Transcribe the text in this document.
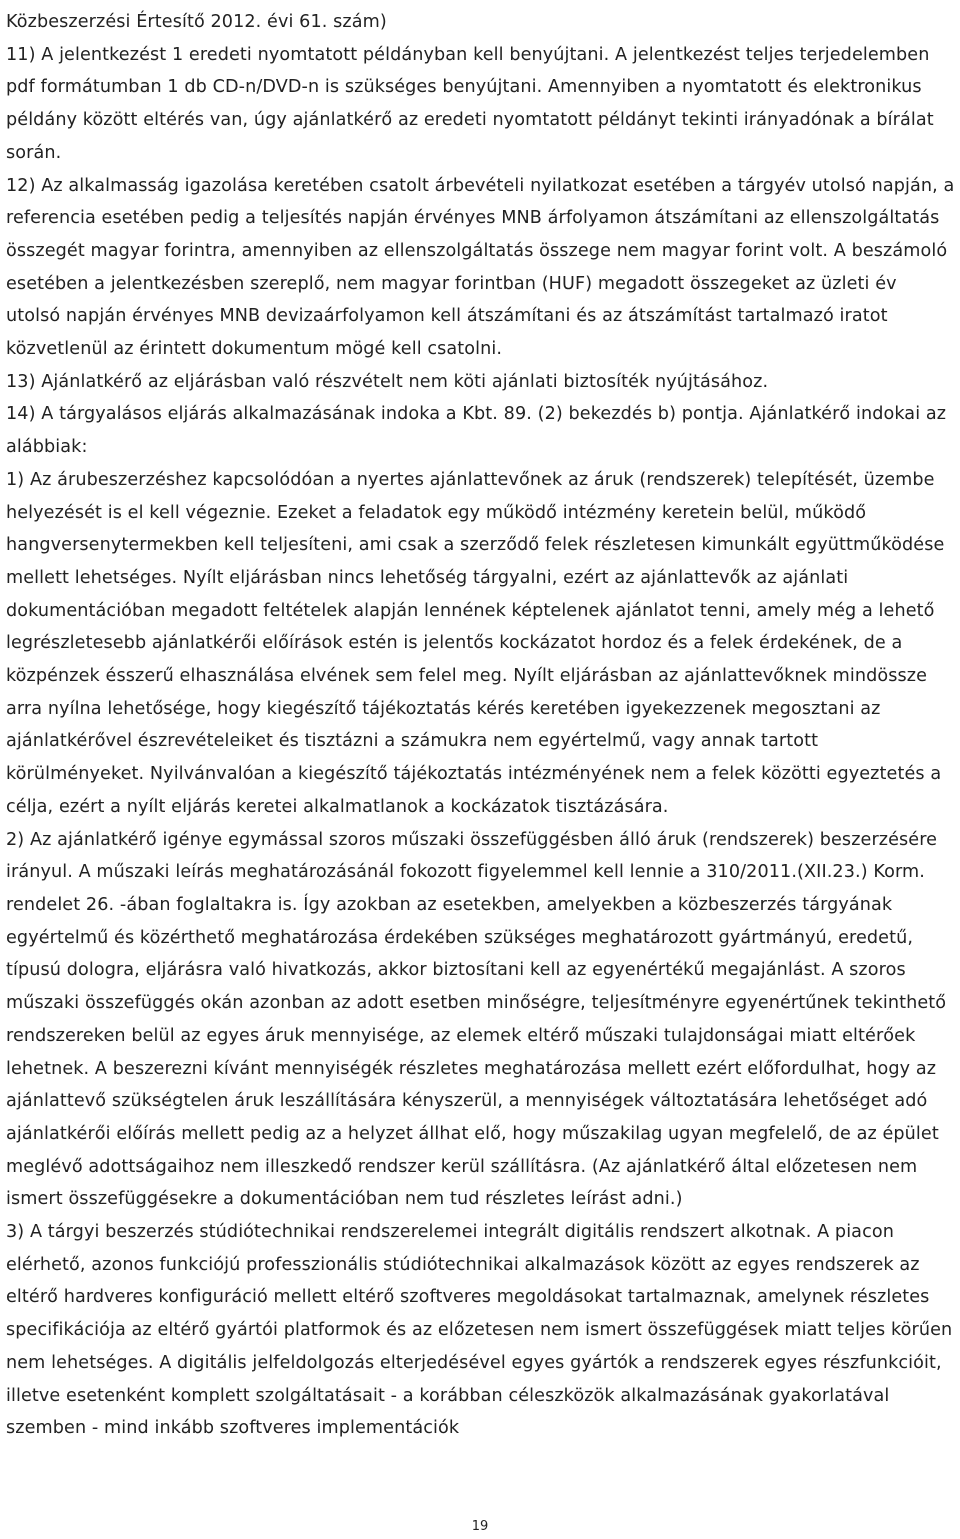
Közbeszerzési Értesítő 2012. évi 61. szám)

11) A jelentkezést 1 eredeti nyomtatott példányban kell benyújtani. A jelentkezést teljes terjedelemben pdf formátumban 1 db CD-n/DVD-n is szükséges benyújtani. Amennyiben a nyomtatott és elektronikus példány között eltérés van, úgy ajánlatkérő az eredeti nyomtatott példányt tekinti irányadónak a bírálat során.

12) Az alkalmasság igazolása keretében csatolt árbevételi nyilatkozat esetében a tárgyév utolsó napján, a referencia esetében pedig a teljesítés napján érvényes MNB árfolyamon átszámítani az ellenszolgáltatás összegét magyar forintra, amennyiben az ellenszolgáltatás összege nem magyar forint volt. A beszámoló esetében a jelentkezésben szereplő, nem magyar forintban (HUF) megadott összegeket az üzleti év utolsó napján érvényes MNB devizaárfolyamon kell átszámítani és az átszámítást tartalmazó iratot közvetlenül az érintett dokumentum mögé kell csatolni.

13) Ajánlatkérő az eljárásban való részvételt nem köti ajánlati biztosíték nyújtásához.

14) A tárgyalásos eljárás alkalmazásának indoka a Kbt. 89. (2) bekezdés b) pontja. Ajánlatkérő indokai az alábbiak:

1) Az árubeszerzéshez kapcsolódóan a nyertes ajánlattevőnek az áruk (rendszerek) telepítését, üzembe helyezését is el kell végeznie. Ezeket a feladatok egy működő intézmény keretein belül, működő hangversenytermekben kell teljesíteni, ami csak a szerződő felek részletesen kimunkált együttműködése mellett lehetséges. Nyílt eljárásban nincs lehetőség tárgyalni, ezért az ajánlattevők az ajánlati dokumentációban megadott feltételek alapján lennének képtelenek ajánlatot tenni, amely még a lehető legrészletesebb ajánlatkérői előírások estén is jelentős kockázatot hordoz és a felek érdekének, de a közpénzek ésszerű elhasználása elvének sem felel meg. Nyílt eljárásban az ajánlattevőknek mindössze arra nyílna lehetősége, hogy kiegészítő tájékoztatás kérés keretében igyekezzenek megosztani az ajánlatkérővel észrevételeiket és tisztázni a számukra nem egyértelmű, vagy annak tartott körülményeket. Nyilvánvalóan a kiegészítő tájékoztatás intézményének nem a felek közötti egyeztetés a célja, ezért a nyílt eljárás keretei alkalmatlanok a kockázatok tisztázására.

2) Az ajánlatkérő igénye egymással szoros műszaki összefüggésben álló áruk (rendszerek) beszerzésére irányul. A műszaki leírás meghatározásánál fokozott figyelemmel kell lennie a 310/2011.(XII.23.) Korm. rendelet 26. -ában foglaltakra is. Így azokban az esetekben, amelyekben a közbeszerzés tárgyának egyértelmű és közérthető meghatározása érdekében szükséges meghatározott gyártmányú, eredetű, típusú dologra, eljárásra való hivatkozás, akkor biztosítani kell az egyenértékű megajánlást. A szoros műszaki összefüggés okán azonban az adott esetben minőségre, teljesítményre egyenértűnek tekinthető rendszereken belül az egyes áruk mennyisége, az elemek eltérő műszaki tulajdonságai miatt eltérőek lehetnek. A beszerezni kívánt mennyiségék részletes meghatározása mellett ezért előfordulhat, hogy az ajánlattevő szükségtelen áruk leszállítására kényszerül, a mennyiségek változtatására lehetőséget adó ajánlatkérői előírás mellett pedig az a helyzet állhat elő, hogy műszakilag ugyan megfelelő, de az épület meglévő adottságaihoz nem illeszkedő rendszer kerül szállításra. (Az ajánlatkérő által előzetesen nem ismert összefüggésekre a dokumentációban nem tud részletes leírást adni.)

3) A tárgyi beszerzés stúdiótechnikai rendszerelemei integrált digitális rendszert alkotnak. A piacon elérhető, azonos funkciójú professzionális stúdiótechnikai alkalmazások között az egyes rendszerek az eltérő hardveres konfiguráció mellett eltérő szoftveres megoldásokat tartalmaznak, amelynek részletes specifikációja az eltérő gyártói platformok és az előzetesen nem ismert összefüggések miatt teljes körűen nem lehetséges. A digitális jelfeldolgozás elterjedésével egyes gyártók a rendszerek egyes részfunkcióit, illetve esetenként komplett szolgáltatásait - a korábban céleszközök alkalmazásának gyakorlatával szemben - mind inkább szoftveres implementációk

19
